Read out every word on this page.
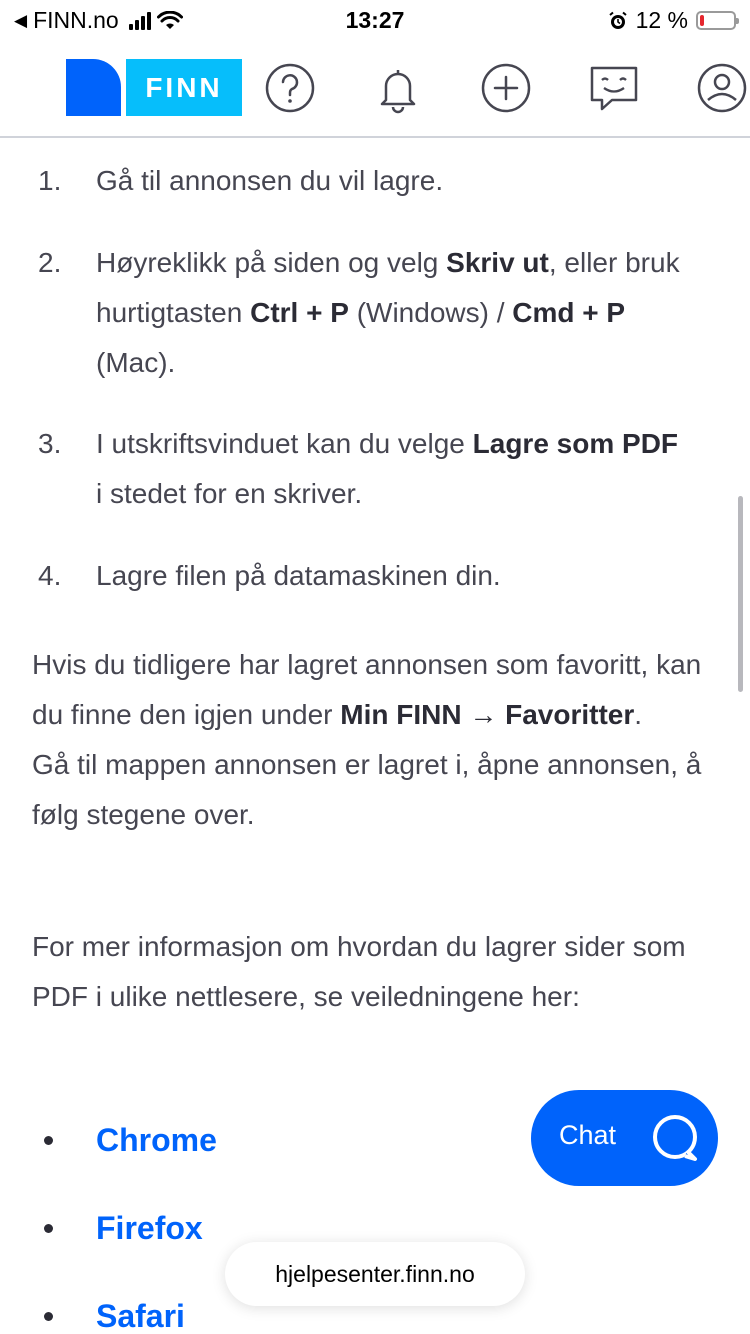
◀ FINN.no	13:27	12 %
FINN
1. Gå til annonsen du vil lagre.
2. Høyreklikk på siden og velg Skriv ut, eller bruk hurtigtasten Ctrl + P (Windows) / Cmd + P (Mac).
3. I utskriftsvinduet kan du velge Lagre som PDF i stedet for en skriver.
4. Lagre filen på datamaskinen din.
Hvis du tidligere har lagret annonsen som favoritt, kan du finne den igjen under Min FINN → Favoritter.
Gå til mappen annonsen er lagret i, åpne annonsen, å følg stegene over.
For mer informasjon om hvordan du lagrer sider som PDF i ulike nettlesere, se veiledningene her:
Chrome
Firefox
Safari
Chat
hjelpesenter.finn.no
